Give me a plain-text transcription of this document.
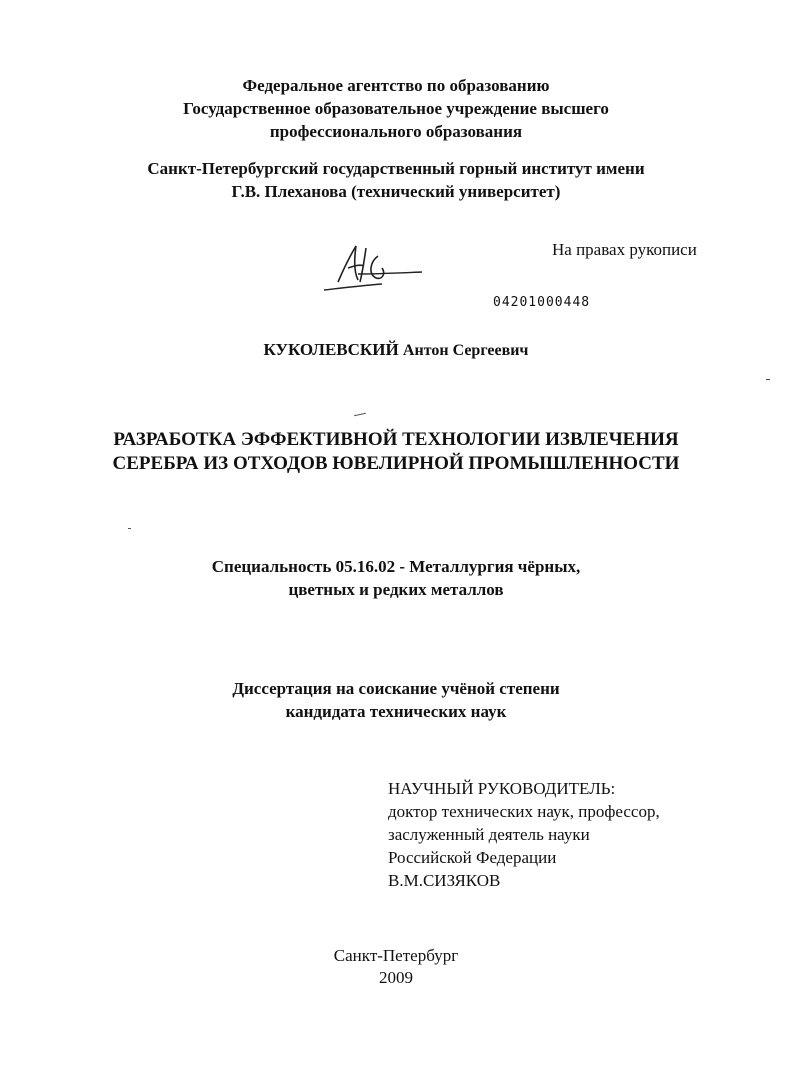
Федеральное агентство по образованию
Государственное образовательное учреждение высшего
профессионального образования
Санкт-Петербургский государственный горный институт имени
Г.В. Плеханова (технический университет)
На правах рукописи
04201000448
КУКОЛЕВСКИЙ Антон Сергеевич
РАЗРАБОТКА ЭФФЕКТИВНОЙ ТЕХНОЛОГИИ ИЗВЛЕЧЕНИЯ
СЕРЕБРА ИЗ ОТХОДОВ ЮВЕЛИРНОЙ ПРОМЫШЛЕННОСТИ
Специальность 05.16.02 - Металлургия чёрных,
цветных и редких металлов
Диссертация на соискание учёной степени
кандидата технических наук
НАУЧНЫЙ РУКОВОДИТЕЛЬ:
доктор технических наук, профессор,
заслуженный деятель науки
Российской Федерации
В.М.СИЗЯКОВ
Санкт-Петербург
2009
